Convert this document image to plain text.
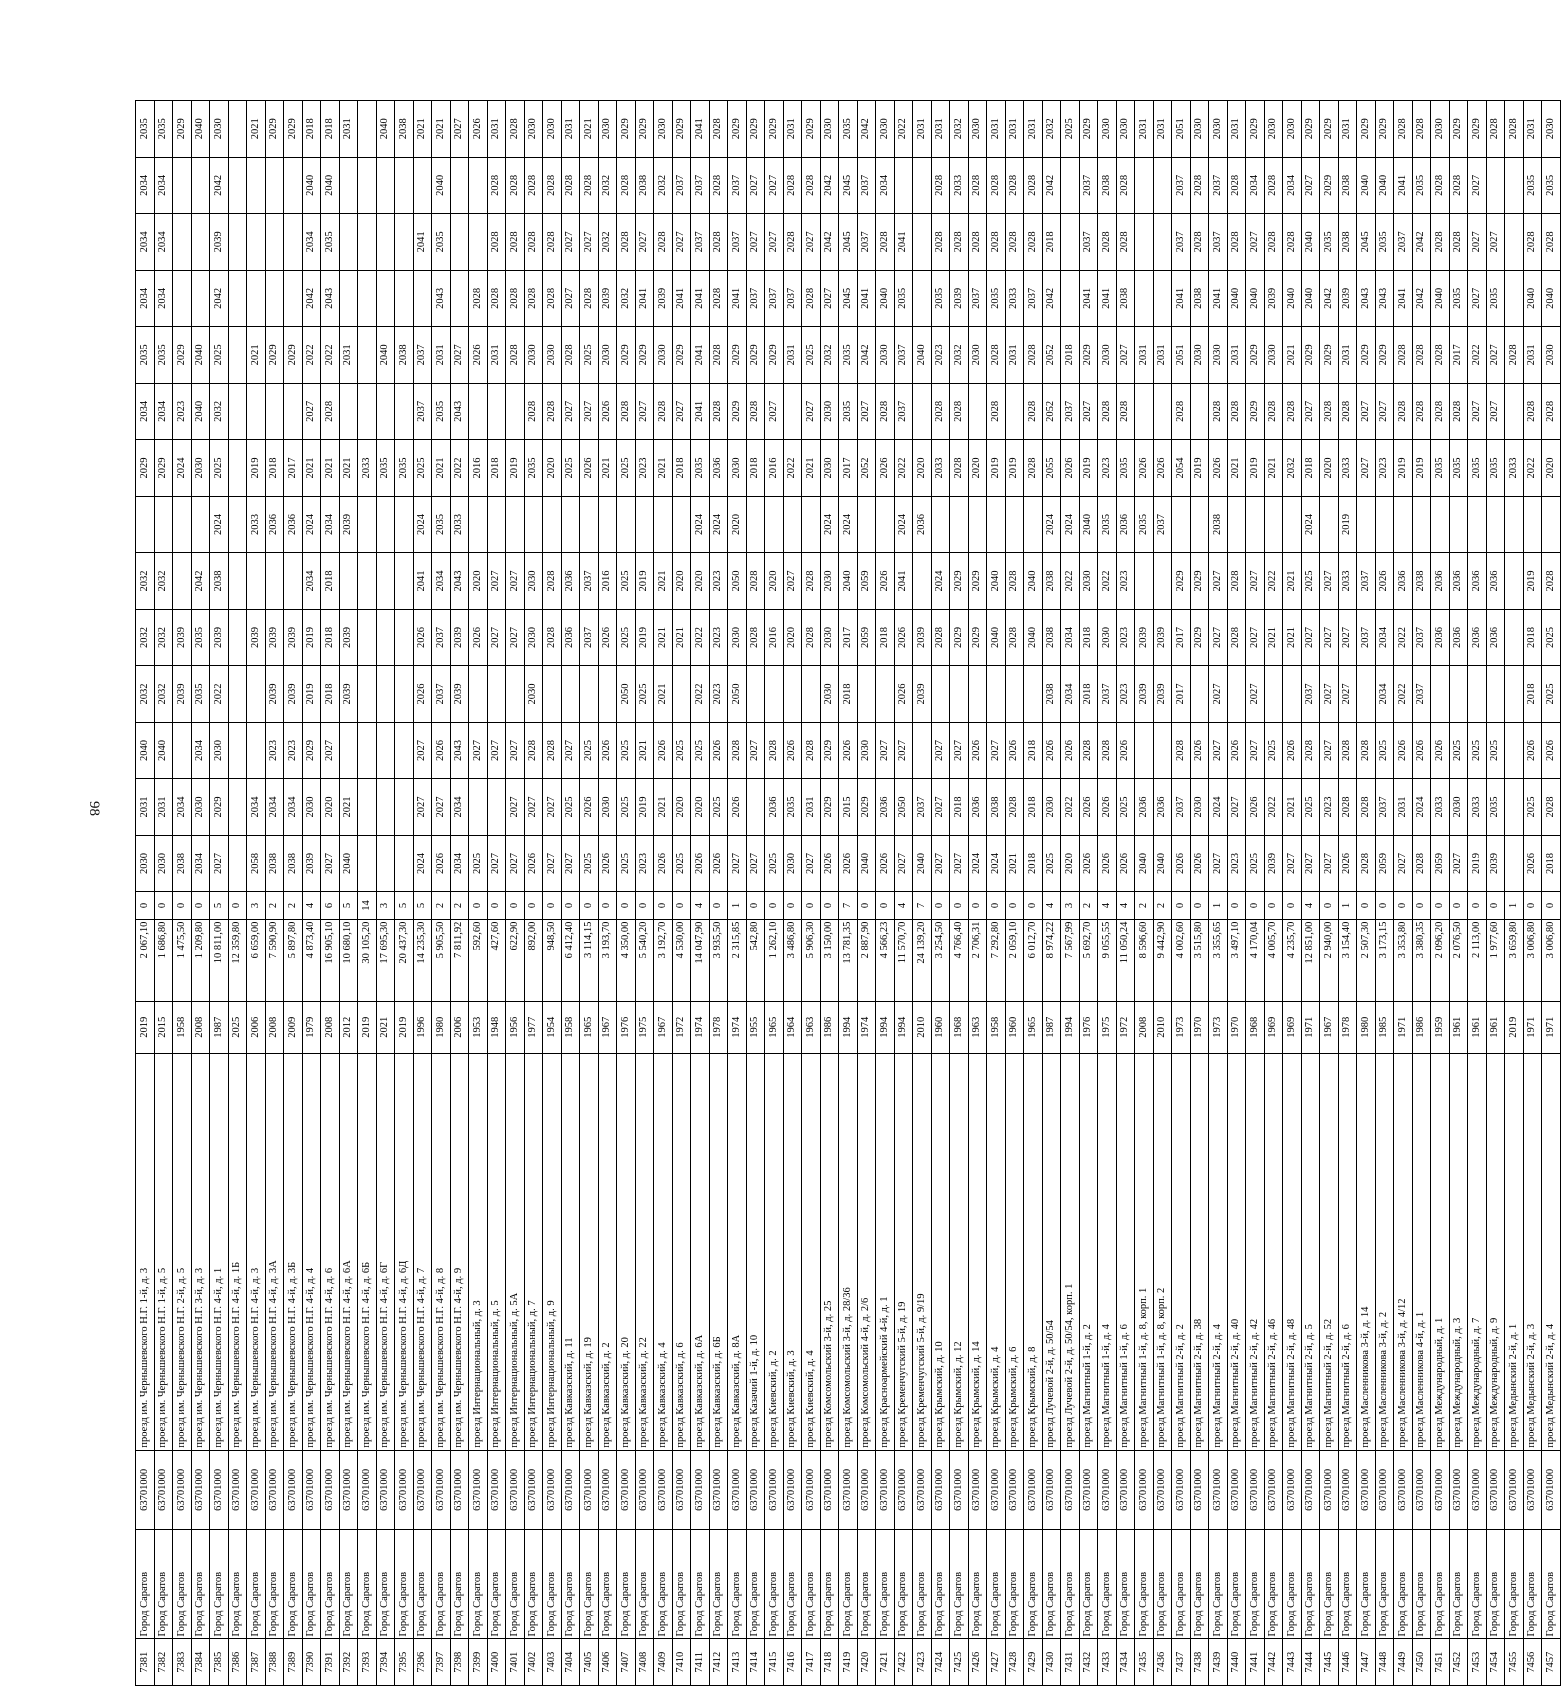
98
7381	Город Саратов	63701000	проезд им. Чернышевского Н.Г. 1-й, д. 3	2019	2 067,10	0	2030	2031	2040	2032	2032	2032		2029	2034	2035	2034	2034	2034	2035
7382	Город Саратов	63701000	проезд им. Чернышевского Н.Г. 1-й, д. 5	2015	1 686,80	0	2030	2031	2040	2032	2032	2032		2029	2034	2035	2034	2034	2034	2035
7383	Город Саратов	63701000	проезд им. Чернышевского Н.Г. 2-й, д. 5	1958	1 475,50	0	2038	2034		2039	2039			2024	2023	2029				2029
7384	Город Саратов	63701000	проезд им. Чернышевского Н.Г. 3-й, д. 3	2008	1 209,80	0	2034	2030	2034	2035	2035	2042		2030	2040	2040				2040
7385	Город Саратов	63701000	проезд им. Чернышевского Н.Г. 4-й, д. 1	1987	10 811,00	5	2027	2029	2030	2022	2039	2038	2024	2025	2032	2025	2042	2039	2042	2030
7386	Город Саратов	63701000	проезд им. Чернышевского Н.Г. 4-й, д. 1Б	2025	12 359,80	0														
7387	Город Саратов	63701000	проезд им. Чернышевского Н.Г. 4-й, д. 3	2006	6 659,00	3	2058	2034			2039		2033	2019		2021				2021
7388	Город Саратов	63701000	проезд им. Чернышевского Н.Г. 4-й, д. 3А	2008	7 590,90	2	2038	2034	2023	2039	2039		2036	2018		2029				2029
7389	Город Саратов	63701000	проезд им. Чернышевского Н.Г. 4-й, д. 3Б	2009	5 897,80	2	2038	2034	2023	2039	2039		2036	2017		2029				2029
7390	Город Саратов	63701000	проезд им. Чернышевского Н.Г. 4-й, д. 4	1979	4 873,40	4	2039	2030	2029	2019	2019	2034	2024	2021	2027	2022	2042	2034	2040	2018
7391	Город Саратов	63701000	проезд им. Чернышевского Н.Г. 4-й, д. 6	2008	16 905,10	6	2027	2020	2027	2018	2018	2018	2034	2021	2028	2022	2043	2035	2040	2018
7392	Город Саратов	63701000	проезд им. Чернышевского Н.Г. 4-й, д. 6А	2012	10 680,10	5	2040	2021		2039	2039		2039	2021		2031				2031
7393	Город Саратов	63701000	проезд им. Чернышевского Н.Г. 4-й, д. 6Б	2019	30 105,20	14								2033						
7394	Город Саратов	63701000	проезд им. Чернышевского Н.Г. 4-й, д. 6Г	2021	17 695,30	3								2035		2040				2040
7395	Город Саратов	63701000	проезд им. Чернышевского Н.Г. 4-й, д. 6Д	2019	20 437,30	5								2035		2038				2038
7396	Город Саратов	63701000	проезд им. Чернышевского Н.Г. 4-й, д. 7	1996	14 235,30	5	2024	2027	2027	2026	2026	2041	2024	2025	2037	2037		2041		2021
7397	Город Саратов	63701000	проезд им. Чернышевского Н.Г. 4-й, д. 8	1980	5 905,50	2	2026	2027	2026	2037	2037	2034	2035	2021	2035	2031	2043	2035	2040	2021
7398	Город Саратов	63701000	проезд им. Чернышевского Н.Г. 4-й, д. 9	2006	7 811,92	2	2034	2034	2043	2039	2039	2043	2033	2022	2043	2027				2027
7399	Город Саратов	63701000	проезд Интернациональный, д. 3	1953	592,60	0	2025		2027		2026	2020		2016		2026	2028			2026
7400	Город Саратов	63701000	проезд Интернациональный, д. 5	1948	427,60	0	2027		2027		2027	2027		2018		2031	2028	2028	2028	2031
7401	Город Саратов	63701000	проезд Интернациональный, д. 5А	1956	622,90	0	2027	2027	2027		2027	2027		2019		2028	2028	2028	2028	2028
7402	Город Саратов	63701000	проезд Интернациональный, д. 7	1977	892,00	0	2026	2027	2028	2030	2030	2030		2035	2028	2030	2028	2028	2028	2030
7403	Город Саратов	63701000	проезд Интернациональный, д. 9	1954	948,50	0	2027	2027	2028		2028	2028		2020	2028	2030	2028	2028	2028	2030
7404	Город Саратов	63701000	проезд Кавказский, д. 11	1958	6 412,40	0	2027	2025	2027		2036	2036		2025	2027	2028	2027	2027	2028	2031
7405	Город Саратов	63701000	проезд Кавказский, д. 19	1965	3 114,15	0	2025	2026	2025		2037	2037		2026	2027	2025	2028	2027	2028	2021
7406	Город Саратов	63701000	проезд Кавказский, д. 2	1967	3 193,70	0	2026	2030	2026		2026	2016		2021	2026	2030	2039	2032	2032	2030
7407	Город Саратов	63701000	проезд Кавказский, д. 20	1976	4 350,00	0	2025	2025	2025	2050	2025	2025		2025	2028	2029	2032	2028	2028	2029
7408	Город Саратов	63701000	проезд Кавказский, д. 22	1975	5 540,20	0	2023	2019	2021	2025	2019	2019		2023	2027	2029	2041	2027	2038	2029
7409	Город Саратов	63701000	проезд Кавказский, д. 4	1967	3 192,70	0	2026	2021	2026	2021	2021	2021		2021	2028	2030	2039	2028	2032	2030
7410	Город Саратов	63701000	проезд Кавказский, д. 6	1972	4 530,00	0	2025	2020	2025		2021	2020		2018	2027	2029	2041	2027	2037	2029
7411	Город Саратов	63701000	проезд Кавказский, д. 6А	1974	14 047,90	4	2026	2020	2025	2022	2022	2020	2024	2035	2041	2041	2041	2037	2037	2041
7412	Город Саратов	63701000	проезд Кавказский, д. 6Б	1978	3 935,50	0	2026	2025	2026	2023	2023	2023	2024	2036	2028	2028	2028	2028	2028	2028
7413	Город Саратов	63701000	проезд Кавказский, д. 8А	1974	2 315,85	1	2027	2026	2028	2050	2030	2050	2020	2030	2029	2029	2041	2037	2037	2029
7414	Город Саратов	63701000	проезд Казачий 1-й, д. 10	1955	542,80	0	2027		2027		2028	2028		2018	2028	2029	2037	2027	2027	2029
7415	Город Саратов	63701000	проезд Киевский, д. 2	1965	1 262,10	0	2025	2036	2028		2016	2020		2016	2027	2029	2037	2027	2027	2029
7416	Город Саратов	63701000	проезд Киевский, д. 3	1964	3 486,80	0	2030	2035	2026		2020	2027		2022		2031	2037	2028	2028	2031
7417	Город Саратов	63701000	проезд Киевский, д. 4	1963	5 906,30	0	2027	2031	2028		2028	2028		2021	2027	2025	2028	2027	2028	2029
7418	Город Саратов	63701000	проезд Комсомольский 3-й, д. 25	1986	3 150,00	0	2026	2029	2029	2030	2030	2030	2024	2030	2030	2032	2027	2042	2042	2030
7419	Город Саратов	63701000	проезд Комсомольский 3-й, д. 28/36	1994	13 781,35	7	2026	2015	2026	2018	2017	2040	2024	2017	2035	2035	2045	2045	2045	2035
7420	Город Саратов	63701000	проезд Комсомольский 4-й, д. 2/6	1974	2 887,90	0	2040	2029	2030		2059	2059		2052	2027	2042	2041	2037	2037	2042
7421	Город Саратов	63701000	проезд Красноармейский 4-й, д. 1	1994	4 566,23	0	2026	2036	2027		2018	2026		2026	2028	2030	2040	2028	2034	2030
7422	Город Саратов	63701000	проезд Кременчугский 5-й, д. 19	1994	11 570,70	4	2027	2050	2027	2026	2026	2041	2024	2022	2037	2037	2035	2041		2022
7423	Город Саратов	63701000	проезд Кременчугский 5-й, д. 9/19	2010	24 139,20	7	2040	2037		2039	2039		2036	2020		2040				2031
7424	Город Саратов	63701000	проезд Крымский, д. 10	1960	3 254,50	0	2027	2027	2027		2028	2024		2033	2028	2023	2035	2028	2028	2031
7425	Город Саратов	63701000	проезд Крымский, д. 12	1968	4 766,40	0	2027	2018	2027		2029	2029		2028	2028	2032	2039	2028	2033	2032
7426	Город Саратов	63701000	проезд Крымский, д. 14	1963	2 706,31	0	2024	2036	2026		2029	2029		2020		2030	2037	2028	2028	2030
7427	Город Саратов	63701000	проезд Крымский, д. 4	1958	7 292,80	0	2024	2038	2027		2040	2040		2019	2028	2028	2035	2028	2028	2031
7428	Город Саратов	63701000	проезд Крымский, д. 6	1960	2 059,10	0	2021	2028	2026		2028	2028		2019		2031	2033	2028	2028	2031
7429	Город Саратов	63701000	проезд Крымский, д. 8	1965	6 012,70	0	2018	2018	2018		2040	2040		2028	2028	2028	2037	2028	2028	2031
7430	Город Саратов	63701000	проезд Лучевой 2-й, д. 50/54	1987	8 974,22	4	2025	2030	2026	2038	2038	2038	2024	2055	2052	2052	2042	2018	2042	2032
7431	Город Саратов	63701000	проезд Лучевой 2-й, д. 50/54, корп. 1	1994	7 567,99	3	2020	2022	2026	2034	2034	2022	2024	2026	2037	2018				2025
7432	Город Саратов	63701000	проезд Магнитный 1-й, д. 2	1976	5 692,70	2	2026	2026	2028	2018	2018	2030	2040	2019	2027	2029	2041	2037	2037	2029
7433	Город Саратов	63701000	проезд Магнитный 1-й, д. 4	1975	9 055,55	4	2026	2026	2028	2037	2030	2022	2035	2023	2028	2030	2041	2028	2038	2030
7434	Город Саратов	63701000	проезд Магнитный 1-й, д. 6	1972	11 050,24	4	2026	2025	2026	2023	2023	2023	2036	2035	2028	2027	2038	2028	2028	2030
7435	Город Саратов	63701000	проезд Магнитный 1-й, д. 8, корп. 1	2008	8 596,60	2	2040	2036		2039	2039		2035	2026		2031				2031
7436	Город Саратов	63701000	проезд Магнитный 1-й, д. 8, корп. 2	2010	9 442,90	2	2040	2036		2039	2039		2037	2026		2031				2031
7437	Город Саратов	63701000	проезд Магнитный 2-й, д. 2	1973	4 002,60	0	2026	2037	2028	2017	2017	2029		2054	2028	2051	2041	2037	2037	2051
7438	Город Саратов	63701000	проезд Магнитный 2-й, д. 38	1970	3 515,80	0	2026	2030	2026		2029	2029		2019		2030	2038	2028	2028	2030
7439	Город Саратов	63701000	проезд Магнитный 2-й, д. 4	1973	3 355,65	1	2027	2024	2027	2027	2027	2027	2038	2026	2028	2030	2041	2037	2037	2030
7440	Город Саратов	63701000	проезд Магнитный 2-й, д. 40	1970	3 497,10	0	2023	2027	2026		2028	2028		2021	2028	2031	2040	2028	2028	2031
7441	Город Саратов	63701000	проезд Магнитный 2-й, д. 42	1968	4 170,04	0	2025	2026	2027	2027	2027	2027		2019	2029	2029	2040	2027	2034	2029
7442	Город Саратов	63701000	проезд Магнитный 2-й, д. 46	1969	4 005,70	0	2039	2022	2025		2021	2022		2021	2028	2030	2039	2028	2028	2030
7443	Город Саратов	63701000	проезд Магнитный 2-й, д. 48	1969	4 235,70	0	2027	2021	2026		2021	2021		2032	2028	2021	2040	2028	2034	2030
7444	Город Саратов	63701000	проезд Магнитный 2-й, д. 5	1971	12 851,00	4	2027	2025	2028	2037	2027	2025	2024	2018	2027	2029	2040	2040	2027	2029
7445	Город Саратов	63701000	проезд Магнитный 2-й, д. 52	1967	2 940,00	0	2027	2023	2027	2027	2027	2027		2020	2028	2029	2042	2035	2029	2029
7446	Город Саратов	63701000	проезд Магнитный 2-й, д. 6	1978	3 154,40	1	2026	2028	2028	2027	2027	2033	2019	2033	2028	2031	2039	2038	2038	2031
7447	Город Саратов	63701000	проезд Масленникова 3-й, д. 14	1980	2 507,30	0	2028	2028	2028		2037	2037		2027	2027	2029	2043	2045	2040	2029
7448	Город Саратов	63701000	проезд Масленникова 3-й, д. 2	1985	3 173,15	0	2059	2037	2025	2034	2034	2026		2023	2027	2029	2043	2035	2040	2029
7449	Город Саратов	63701000	проезд Масленникова 3-й, д. 4/12	1971	3 353,80	0	2027	2031	2026	2022	2022	2036		2019	2028	2028	2041	2037	2041	2028
7450	Город Саратов	63701000	проезд Масленникова 4-й, д. 1	1986	3 380,35	0	2028	2024	2026	2037	2037	2038		2019	2028	2028	2042	2042	2035	2028
7451	Город Саратов	63701000	проезд Международный, д. 1	1959	2 096,20	0	2059	2033	2026		2036	2036		2035	2028	2028	2040	2028	2028	2030
7452	Город Саратов	63701000	проезд Международный, д. 3	1961	2 076,50	0	2027	2030	2025		2036	2036		2035	2028	2017	2035	2028	2028	2029
7453	Город Саратов	63701000	проезд Международный, д. 7	1961	2 113,00	0	2019	2033	2025		2036	2036		2035	2027	2022	2027	2027	2027	2029
7454	Город Саратов	63701000	проезд Международный, д. 9	1961	1 977,60	0	2039	2035	2025		2036	2036		2035	2027	2027	2035	2027		2028
7455	Город Саратов	63701000	проезд Медынский 2-й, д. 1	2019	3 659,80	1								2033		2028				2028
7456	Город Саратов	63701000	проезд Медынский 2-й, д. 3	1971	3 006,80	0	2026	2025	2026	2018	2018	2019		2022	2028	2031	2040	2028	2035	2031
7457	Город Саратов	63701000	проезд Медынский 2-й, д. 4	1971	3 006,80	0	2018	2028	2026	2025	2025	2028		2020	2028	2030	2040	2028	2035	2030
